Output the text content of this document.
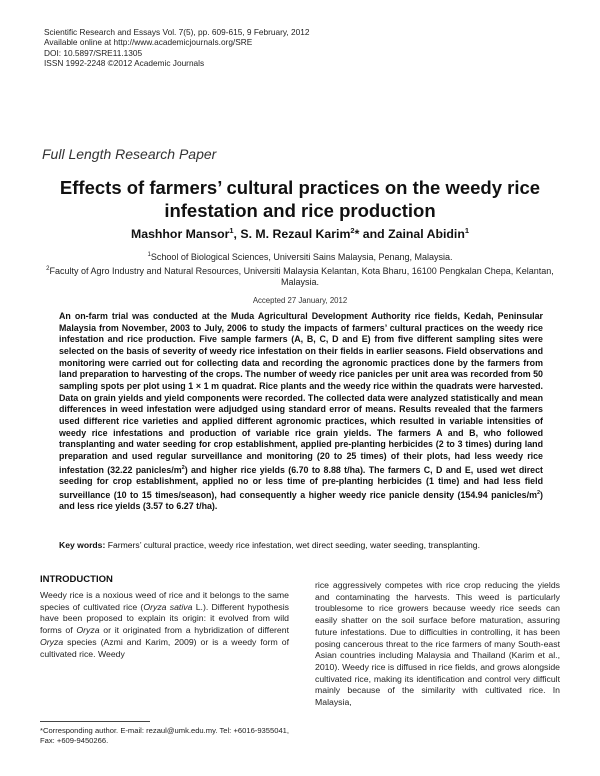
Scientific Research and Essays Vol. 7(5), pp. 609-615, 9 February, 2012
Available online at http://www.academicjournals.org/SRE
DOI: 10.5897/SRE11.1305
ISSN 1992-2248 ©2012 Academic Journals
Full Length Research Paper
Effects of farmers’ cultural practices on the weedy rice infestation and rice production
Mashhor Mansor$^1$, S. M. Rezaul Karim$^2$* and Zainal Abidin$^1$
$^1$School of Biological Sciences, Universiti Sains Malaysia, Penang, Malaysia.
$^2$Faculty of Agro Industry and Natural Resources, Universiti Malaysia Kelantan, Kota Bharu, 16100 Pengkalan Chepa, Kelantan, Malaysia.
Accepted 27 January, 2012

An on-farm trial was conducted at the Muda Agricultural Development Authority rice fields, Kedah, Peninsular Malaysia from November, 2003 to July, 2006 to study the impacts of farmers’ cultural practices on the weedy rice infestation and rice production. Five sample farmers (A, B, C, D and E) from five different sampling sites were selected on the basis of severity of weedy rice infestation on their fields in earlier seasons. Field observations and monitoring were carried out for collecting data and recording the agronomic practices done by the farmers from land preparation to harvesting of the crops. The number of weedy rice panicles per unit area was recorded from 50 sampling spots per plot using 1 × 1 m quadrat. Rice plants and the weedy rice within the quadrats were harvested. Data on grain yields and yield components were recorded. The collected data were analyzed statistically and mean differences in weed infestation were adjudged using standard error of means. Results revealed that the farmers used different rice varieties and applied different agronomic practices, which resulted in variable intensities of weedy rice infestations and production of variable rice grain yields. The farmers A and B, who followed transplanting and water seeding for crop establishment, applied pre-planting herbicides (2 to 3 times) during land preparation and used regular surveillance and monitoring (20 to 25 times) of their plots, had less weedy rice infestation (32.22 panicles/$m^2$) and higher rice yields (6.70 to 8.88 t/ha). The farmers C, D and E, used wet direct seeding for crop establishment, applied no or less time of pre-planting herbicides (1 time) and had less field surveillance (10 to 15 times/season), had consequently a higher weedy rice panicle density (154.94 panicles/$m^2$) and less rice yields (3.57 to 6.27 t/ha).

Key words: Farmers’ cultural practice, weedy rice infestation, wet direct seeding, water seeding, transplanting.
INTRODUCTION

Weedy rice is a noxious weed of rice and it belongs to the same species of cultivated rice (Oryza sativa L.). Different hypothesis have been proposed to explain its origin: it evolved from wild forms of Oryza or it originated from a hybridization of different Oryza species (Azmi and Karim, 2009) or is a weedy form of cultivated rice. Weedy

rice aggressively competes with rice crop reducing the yields and contaminating the harvests. This weed is particularly troublesome to rice growers because weedy rice seeds can easily shatter on the soil surface before maturation, assuring future infestations. Due to difficulties in controlling, it has been posing cancerous threat to the rice farmers of many South-east Asian countries including Malaysia and Thailand (Karim et al., 2010). Weedy rice is diffused in rice fields, and grows alongside cultivated rice, making its identification and control very difficult mainly because of the similarity with cultivated rice. In Malaysia,

*Corresponding author. E-mail: rezaul@umk.edu.my. Tel: +6016-9355041, Fax: +609-9450266.
